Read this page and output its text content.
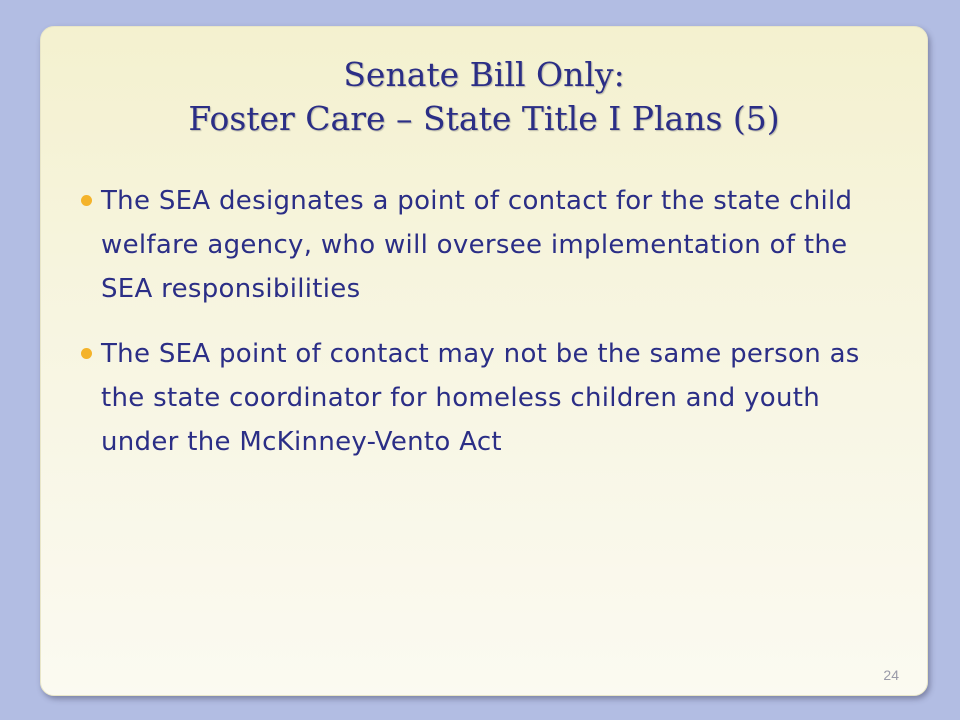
Senate Bill Only:
Foster Care – State Title I Plans (5)
The SEA designates a point of contact for the state child welfare agency, who will oversee implementation of the SEA responsibilities
The SEA point of contact may not be the same person as the state coordinator for homeless children and youth under the McKinney-Vento Act
24
